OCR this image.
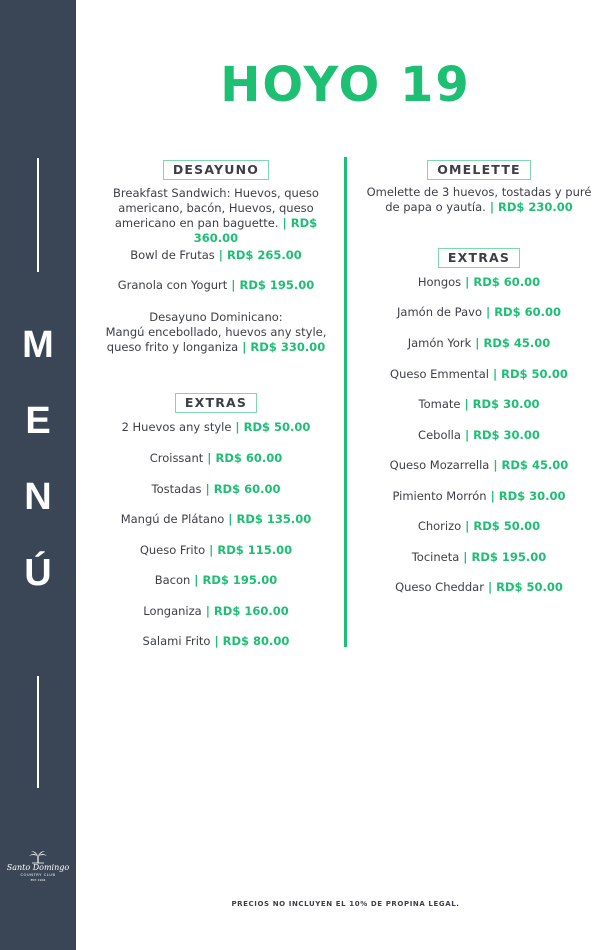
M
E
N
Ú
Santo Domingo
COUNTRY CLUB
EST. 1904
HOYO 19
DESAYUNO
Breakfast Sandwich: Huevos, queso
americano, bacón, Huevos, queso
americano en pan baguette. | RD$ 360.00
Bowl de Frutas | RD$ 265.00
Granola con Yogurt | RD$ 195.00
Desayuno Dominicano:
Mangú encebollado, huevos any style,
queso frito y longaniza | RD$ 330.00
EXTRAS
2 Huevos any style | RD$ 50.00
Croissant | RD$ 60.00
Tostadas | RD$ 60.00
Mangú de Plátano | RD$ 135.00
Queso Frito | RD$ 115.00
Bacon | RD$ 195.00
Longaniza | RD$ 160.00
Salami Frito | RD$ 80.00
OMELETTE
Omelette de 3 huevos, tostadas y puré
de papa o yautía. | RD$ 230.00
EXTRAS
Hongos | RD$ 60.00
Jamón de Pavo | RD$ 60.00
Jamón York | RD$ 45.00
Queso Emmental | RD$ 50.00
Tomate | RD$ 30.00
Cebolla | RD$ 30.00
Queso Mozarrella | RD$ 45.00
Pimiento Morrón | RD$ 30.00
Chorizo | RD$ 50.00
Tocineta | RD$ 195.00
Queso Cheddar | RD$ 50.00
PRECIOS NO INCLUYEN EL 10% DE PROPINA LEGAL.
